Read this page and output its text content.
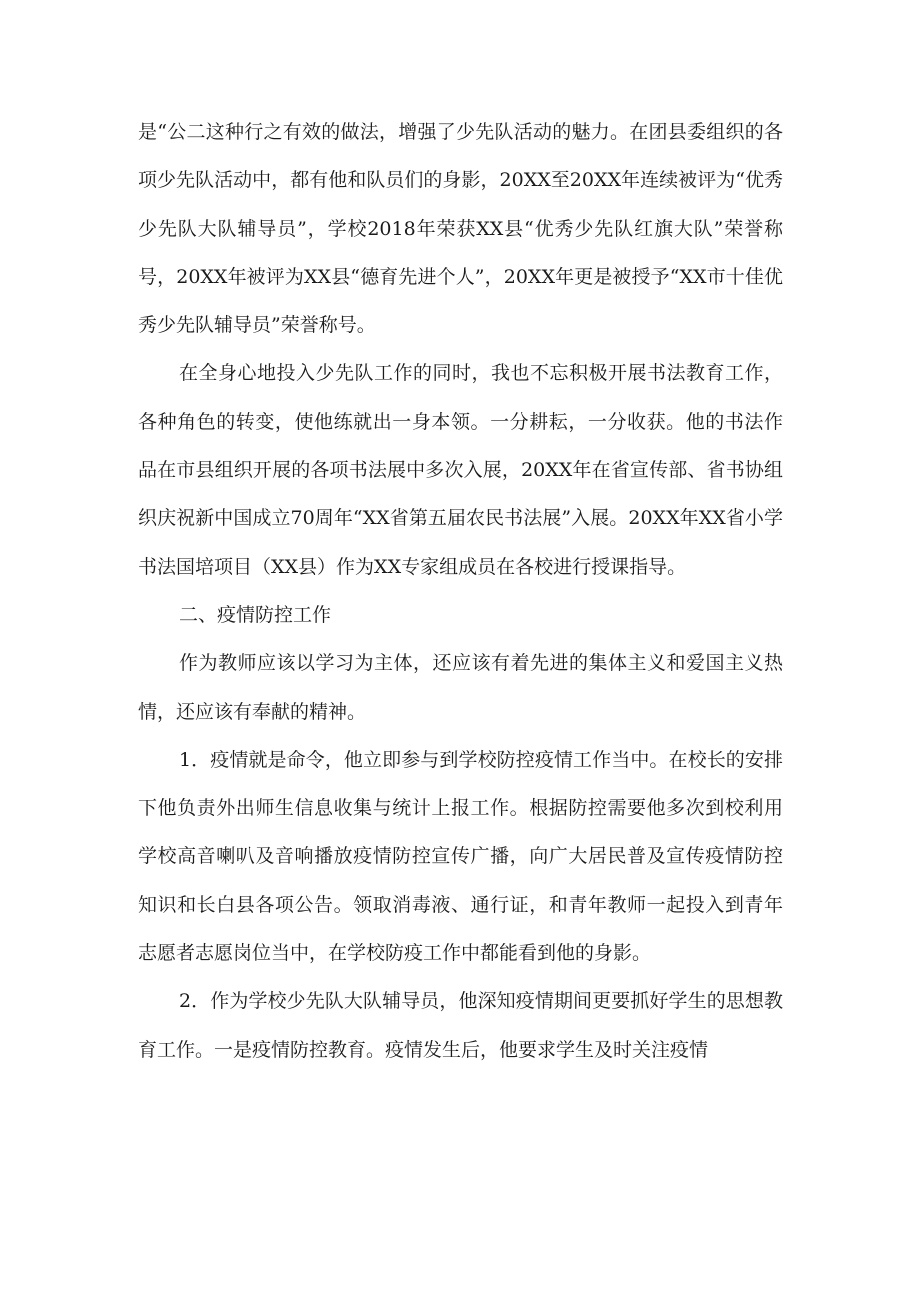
是“公二这种行之有效的做法，增强了少先队活动的魅力。在团县委组织的各项少先队活动中，都有他和队员们的身影，20XX至20XX年连续被评为“优秀少先队大队辅导员”，学校2018年荣获XX县“优秀少先队红旗大队”荣誉称号，20XX年被评为XX县“德育先进个人”，20XX年更是被授予“XX市十佳优秀少先队辅导员”荣誉称号。

在全身心地投入少先队工作的同时，我也不忘积极开展书法教育工作，各种角色的转变，使他练就出一身本领。一分耕耘，一分收获。他的书法作品在市县组织开展的各项书法展中多次入展，20XX年在省宣传部、省书协组织庆祝新中国成立70周年“XX省第五届农民书法展”入展。20XX年XX省小学书法国培项目（XX县）作为XX专家组成员在各校进行授课指导。

二、疫情防控工作

作为教师应该以学习为主体，还应该有着先进的集体主义和爱国主义热情，还应该有奉献的精神。

1．疫情就是命令，他立即参与到学校防控疫情工作当中。在校长的安排下他负责外出师生信息收集与统计上报工作。根据防控需要他多次到校利用学校高音喇叭及音响播放疫情防控宣传广播，向广大居民普及宣传疫情防控知识和长白县各项公告。领取消毒液、通行证，和青年教师一起投入到青年志愿者志愿岗位当中，在学校防疫工作中都能看到他的身影。

2．作为学校少先队大队辅导员，他深知疫情期间更要抓好学生的思想教育工作。一是疫情防控教育。疫情发生后，他要求学生及时关注疫情
